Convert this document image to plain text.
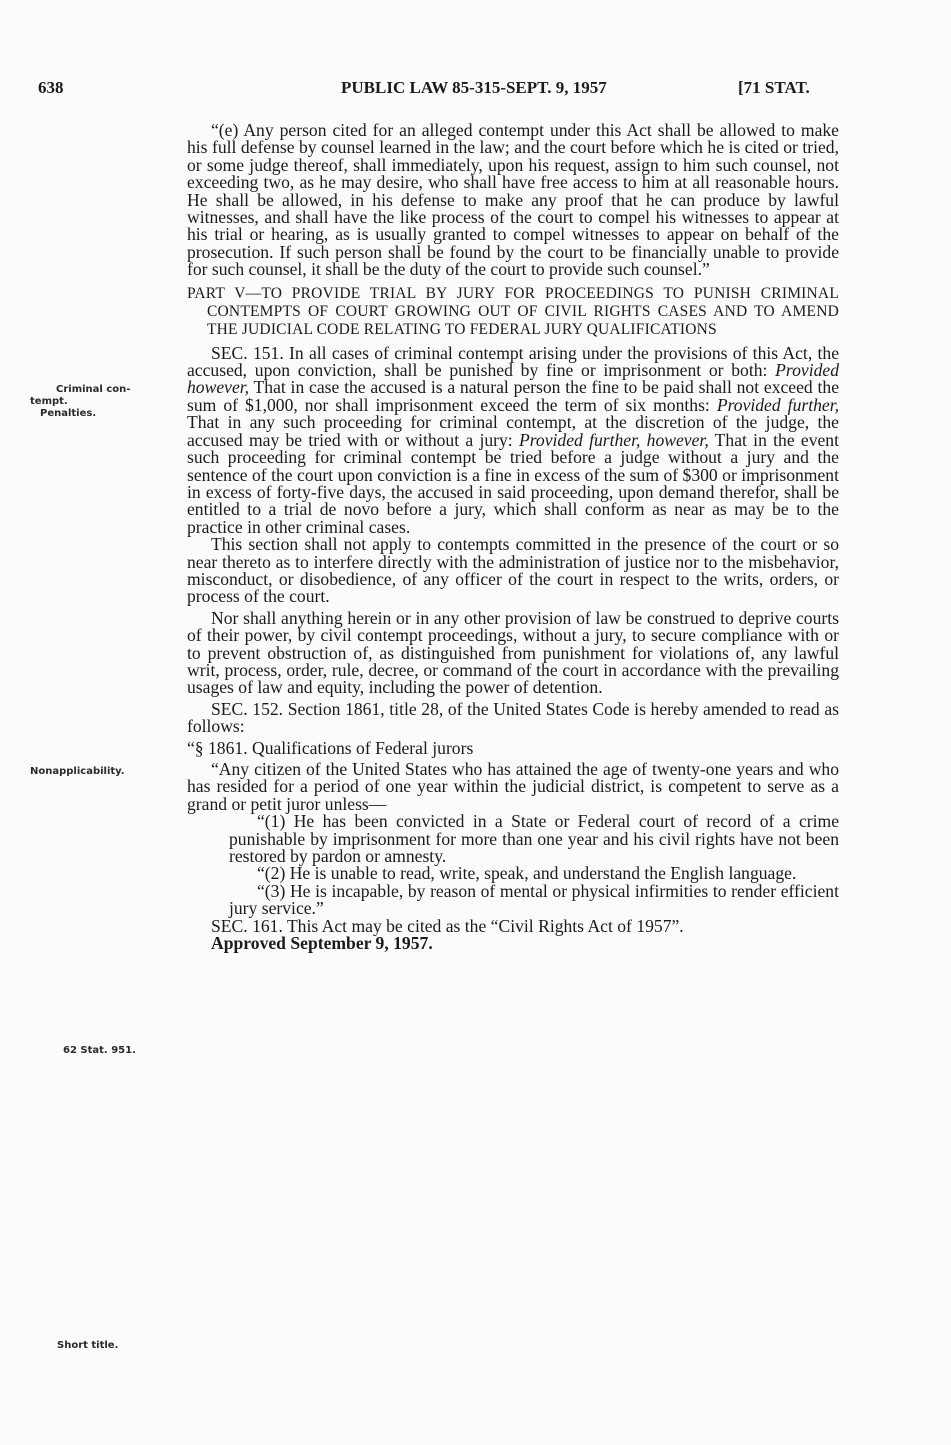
638	PUBLIC LAW 85-315-SEPT. 9, 1957	[71 STAT.
Criminal con-
tempt.
Penalties.
Nonapplicability.
62 Stat. 951.
Short title.

“(e) Any person cited for an alleged contempt under this Act shall be allowed to make his full defense by counsel learned in the law; and the court before which he is cited or tried, or some judge thereof, shall immediately, upon his request, assign to him such counsel, not exceeding two, as he may desire, who shall have free access to him at all reasonable hours. He shall be allowed, in his defense to make any proof that he can produce by lawful witnesses, and shall have the like process of the court to compel his witnesses to appear at his trial or hearing, as is usually granted to compel witnesses to appear on behalf of the prosecution. If such person shall be found by the court to be financially unable to provide for such counsel, it shall be the duty of the court to provide such counsel.”

PART V—TO PROVIDE TRIAL BY JURY FOR PROCEEDINGS TO PUNISH CRIMINAL CONTEMPTS OF COURT GROWING OUT OF CIVIL RIGHTS CASES AND TO AMEND THE JUDICIAL CODE RELATING TO FEDERAL JURY QUALIFICATIONS

SEC. 151. In all cases of criminal contempt arising under the provisions of this Act, the accused, upon conviction, shall be punished by fine or imprisonment or both: Provided however, That in case the accused is a natural person the fine to be paid shall not exceed the sum of $1,000, nor shall imprisonment exceed the term of six months: Provided further, That in any such proceeding for criminal contempt, at the discretion of the judge, the accused may be tried with or without a jury: Provided further, however, That in the event such proceeding for criminal contempt be tried before a judge without a jury and the sentence of the court upon conviction is a fine in excess of the sum of $300 or imprisonment in excess of forty-five days, the accused in said proceeding, upon demand therefor, shall be entitled to a trial de novo before a jury, which shall conform as near as may be to the practice in other criminal cases.

This section shall not apply to contempts committed in the presence of the court or so near thereto as to interfere directly with the administration of justice nor to the misbehavior, misconduct, or disobedience, of any officer of the court in respect to the writs, orders, or process of the court.

Nor shall anything herein or in any other provision of law be construed to deprive courts of their power, by civil contempt proceedings, without a jury, to secure compliance with or to prevent obstruction of, as distinguished from punishment for violations of, any lawful writ, process, order, rule, decree, or command of the court in accordance with the prevailing usages of law and equity, including the power of detention.

SEC. 152. Section 1861, title 28, of the United States Code is hereby amended to read as follows:

“§ 1861. Qualifications of Federal jurors

“Any citizen of the United States who has attained the age of twenty-one years and who has resided for a period of one year within the judicial district, is competent to serve as a grand or petit juror unless—

“(1) He has been convicted in a State or Federal court of record of a crime punishable by imprisonment for more than one year and his civil rights have not been restored by pardon or amnesty.

“(2) He is unable to read, write, speak, and understand the English language.

“(3) He is incapable, by reason of mental or physical infirmities to render efficient jury service.”

SEC. 161. This Act may be cited as the “Civil Rights Act of 1957”.

Approved September 9, 1957.
